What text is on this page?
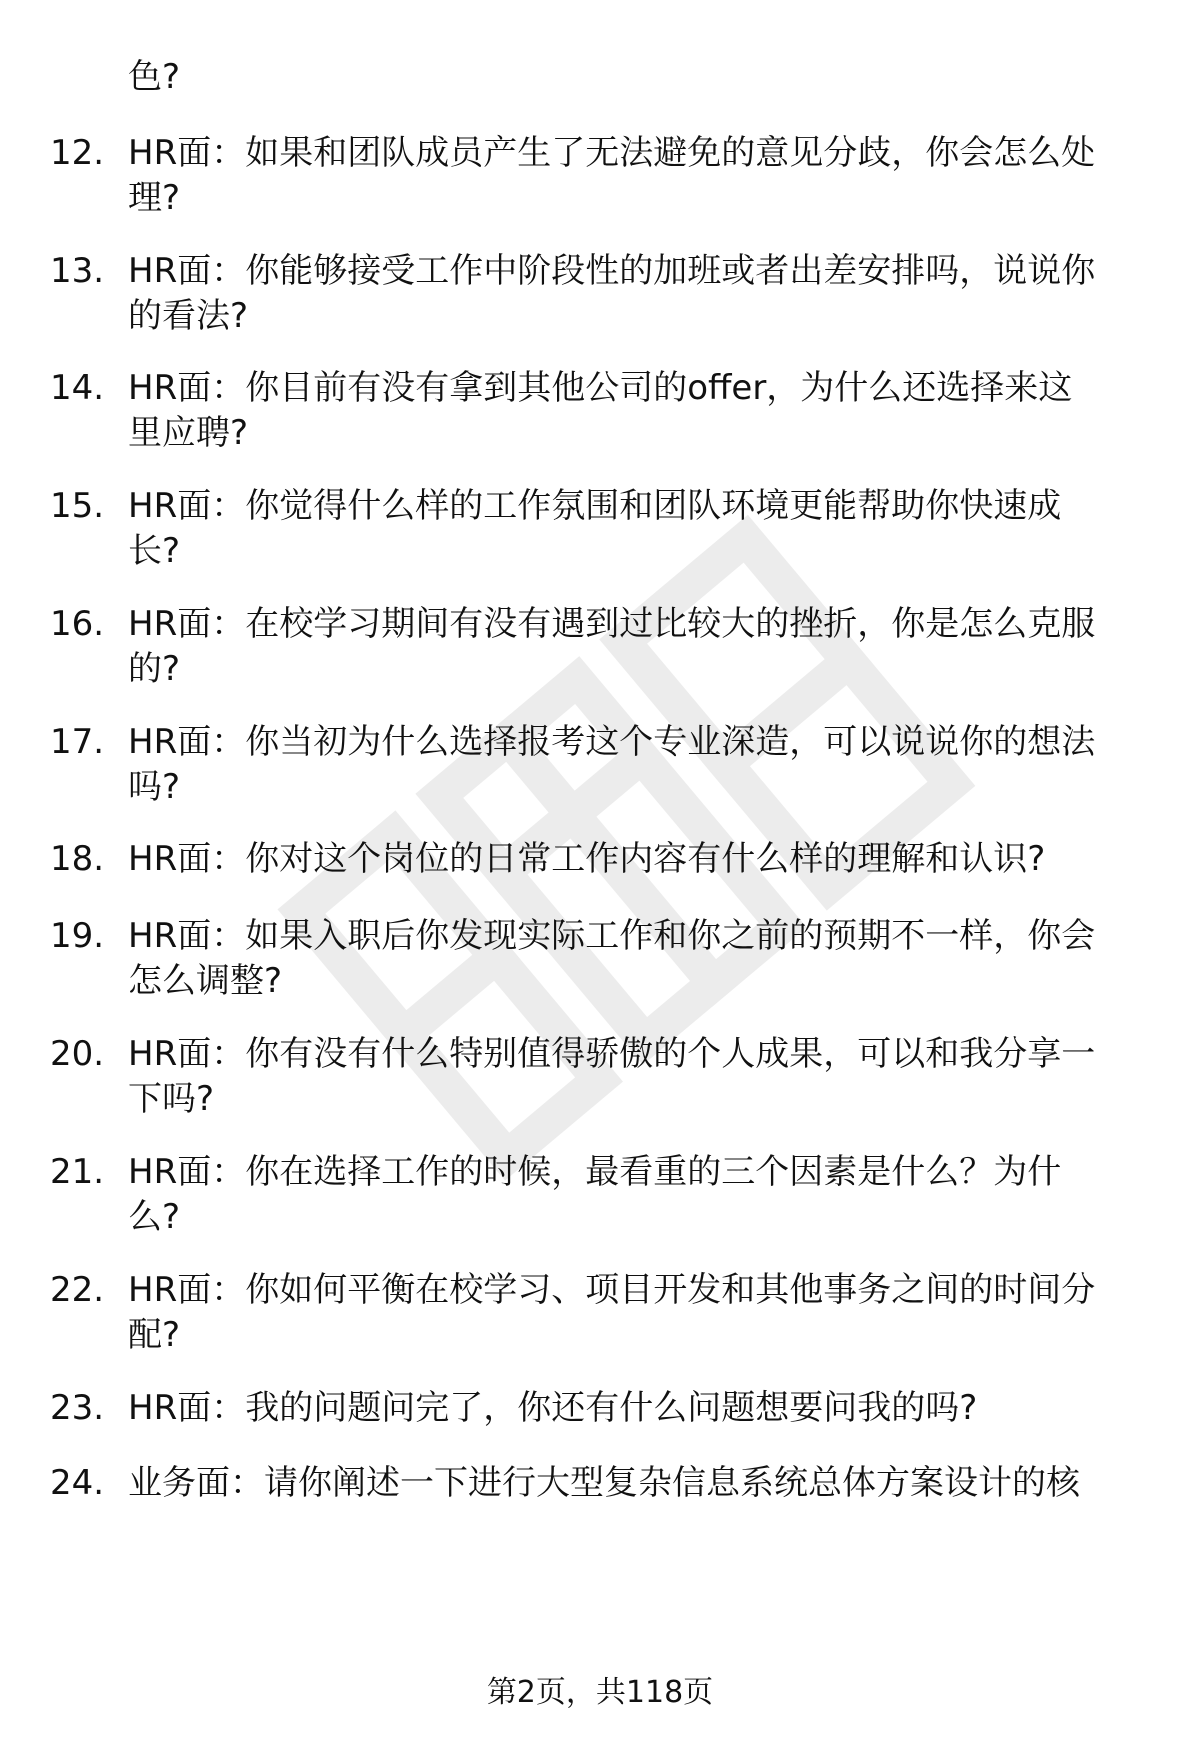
色?
12. HR面：如果和团队成员产生了无法避免的意见分歧，你会怎么处
理?
13. HR面：你能够接受工作中阶段性的加班或者出差安排吗，说说你
的看法?
14. HR面：你目前有没有拿到其他公司的offer，为什么还选择来这
里应聘?
15. HR面：你觉得什么样的工作氛围和团队环境更能帮助你快速成
长?
16. HR面：在校学习期间有没有遇到过比较大的挫折，你是怎么克服
的?
17. HR面：你当初为什么选择报考这个专业深造，可以说说你的想法
吗?
18. HR面：你对这个岗位的日常工作内容有什么样的理解和认识?
19. HR面：如果入职后你发现实际工作和你之前的预期不一样，你会
怎么调整?
20. HR面：你有没有什么特别值得骄傲的个人成果，可以和我分享一
下吗?
21. HR面：你在选择工作的时候，最看重的三个因素是什么？为什
么?
22. HR面：你如何平衡在校学习、项目开发和其他事务之间的时间分
配?
23. HR面：我的问题问完了，你还有什么问题想要问我的吗?
24. 业务面：请你阐述一下进行大型复杂信息系统总体方案设计的核
第2页，共118页
